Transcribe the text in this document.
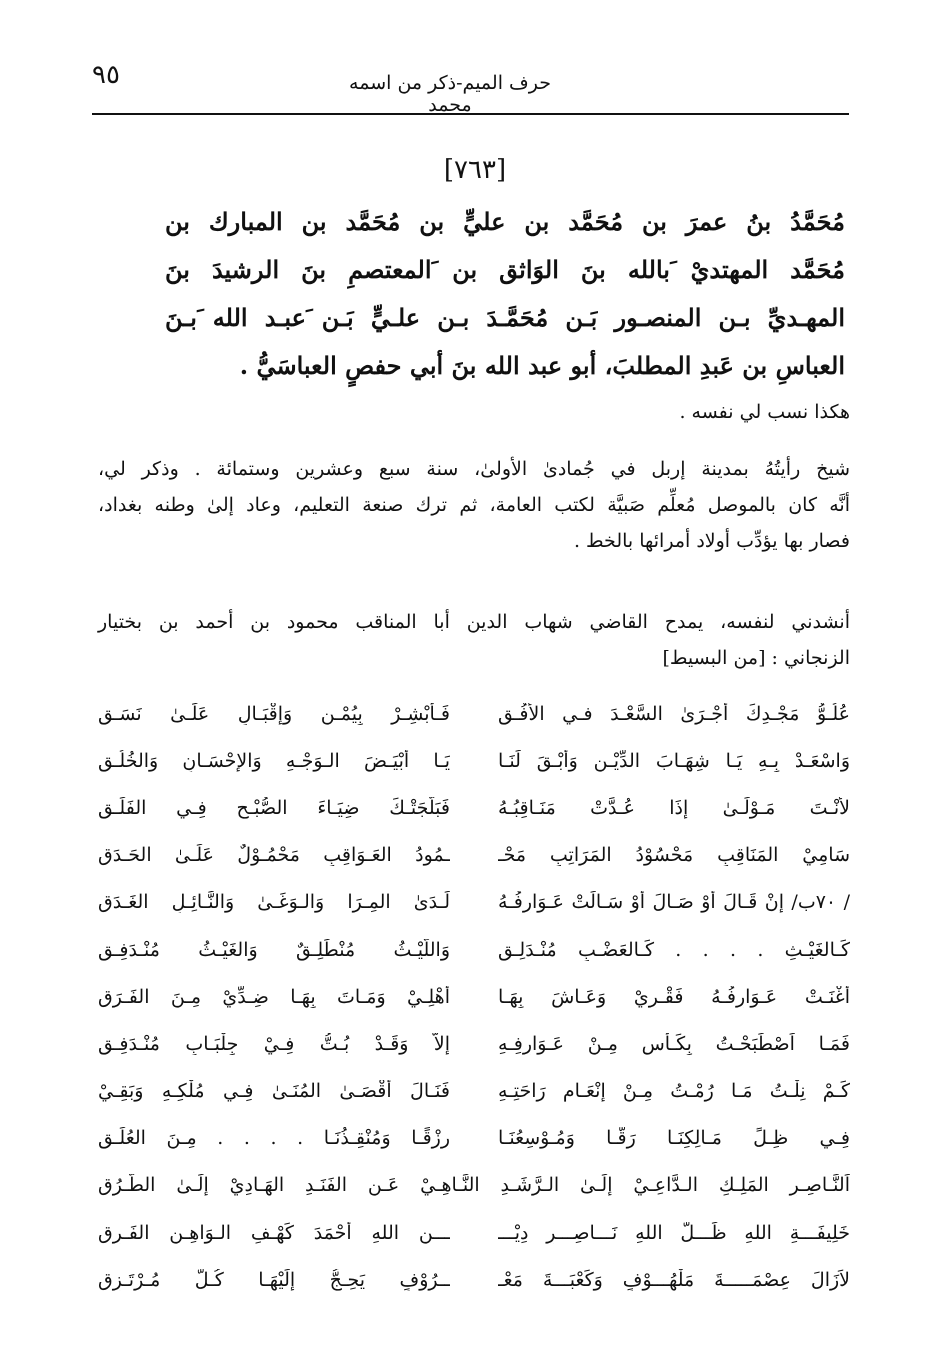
٩٥	حرف الميم-ذكر من اسمه محمد
[٧٦٣]
مُحَمَّدُ بنُ عمرَ بن مُحَمَّد بن عليٍّ بن مُحَمَّد بن المبارك بن
مُحَمَّد المهتديْ َبالله بنَ الوَاثق بن َالمعتصمِ بنَ الرشيدَ بنَ
المهـديِّ بـن المنصـور بَـن مُحَمَّـدَ بـن علـيٍّ بَـن َعبـد الله َبـنَ
العباسِ بن عَبدِ المطلبَ، أبو عبد الله بنَ أبي حفصٍ العباسَيُّ .
هكذا نسب لي نفسه .
شيخ رأيتُهُ بمدينة إربل في جُمادىٰ الأولىٰ، سنة سبع وعشرين وستمائة . وذكر لي،
أنَّه كان بالموصل مُعلِّم صَبيَّة لكتب العامة، ثم ترك صنعة التعليم، وعاد إلىٰ وطنه بغداد،
فصار بها يؤدِّب أولاد أمرائها بالخط .
أنشدني لنفسه، يمدح القاضي شهاب الدين أبا المناقب محمود بن أحمد بن بختيار
الزنجاني : [من البسيط]
عُلُـوُّ مَجْـدِكَ أَجْـرَىٰ السَّعْـدَ فـي الأُفُـقِ
فَـأَبْشِـرْ بِيُمْـنٍ وَإِقْبَـالٍ عَلَـىٰ نَسَـقِ
وَاسْعَـدْ بِـهِ يَـا شِهَـابَ الدِّيْـنِ وَأَبْـقَ لَنَـا
يَـا أَبْيَـضَ الـوَجْـهِ وَالإِحْسَـانِ وَالخُلُـقِ
لأَنْـتَ مَـوْلَـىٰ إِذَا عُـدَّتْ مَنَـاقِبُـهُ
فَبَلَّجَتْـكَ ضِيَـاءَ الصُّبْـحِ فِـي الفَلَـقِ
سَامِيْ المَنَاقِبِ مَحْسُوْدُ المَرَاتِبِ مَحْـ
ـمُودُ العَـوَاقِبِ مَحْمُـوْلٌ عَلَـىٰ الحَـدَقِ
/ ٧٠ب/ إِنْ قَـالَ أَوْ صَـالَ أَوْ سَـالَتْ عَـوَارِفُـهُ
لَـدَىٰ المِـرَا وَالـوَغَـىٰ وَالنَّـائِـلِ الغَـدَقِ
كَـالغَيْـثِ . . . . كَـالعَضْـبِ مُنْـدَلِـقِ
وَاللَّيْـثُ مُنْطَلِـقٌ وَالغَيْـثُ مُنْـدَفِـقِ
أَغْنَـتْ عَـوَارِفُـهُ فَقْـرِيْ وَعَـاشَ بِهَـا
أَهْلِـيْ وَمَـاتَ بِهَـا ضِـدِّيْ مِـنَ الفَـرَقِ
فَمَـا اَصْطَبَحْـتُ بِكَـأْسٍ مِـنْ عَـوَارِفِـهِ
إِلاَّ وَقَـدْ بُـتُّ فِـيْ جِلْبَـابِ مُنْـدَفِـقِ
كَـمْ نِلْـتُ مَـا رُمْـتُ مِـنْ إِنْعَـامِ رَاحَتِـهِ
فَنَـالَ أَقْصَـىٰ المُنَـىٰ فِـي مُلْكِـهِ وَبَقِـيْ
فِـي ظِـلٍّ مَـالِكِنَـا رَقًّـا وَمُـوْسِعُنَـا
رِزْقًـا وَمُنْقِـذُنَـا . . . . مِـنَ العُلَـقِ
اَلنَّـاصِـرِ المَلِـكِ الـدَّاعِـيْ إِلَـىٰ الـرَّشَـدِ النَّـاهِـيْ عَـنِ الفَنَـدِ الهَـادِيْ إِلَـىٰ الطُّـرُقِ
خَلِيفَـــةِ اللهِ ظَـــلُّ اللهِ نَـــاصِـــرِ دِيْـــ
ـــنِ اللهِ أَحْمَدَ كَهْـفِ الـوَاهِـنِ الفَـرِقِ
لاَزَالَ عِصْمَـــــةَ مَلْهُـــوْفٍ وَكَعْبَـــةَ مَعْـ
ــرُوْفٍ يَحِـجُّ إِلَيْهَـا كُـلُّ مُـرْتَـزِقِ
